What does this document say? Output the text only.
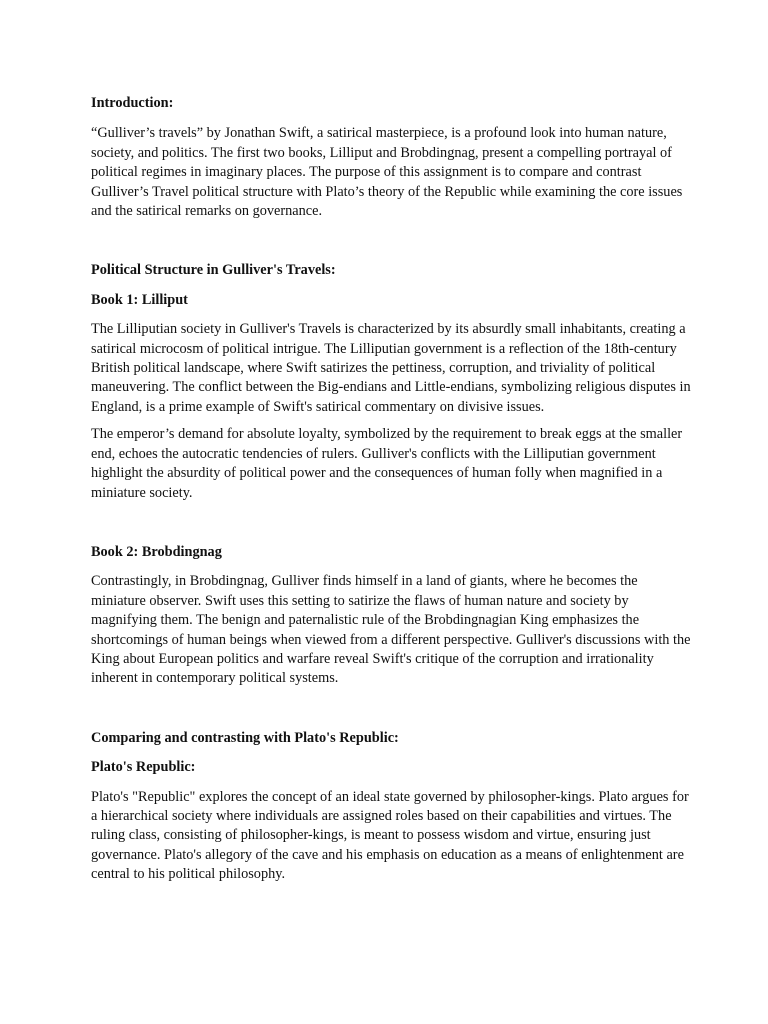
Introduction:

“Gulliver’s travels” by Jonathan Swift, a satirical masterpiece, is a profound look into human nature, society, and politics. The first two books, Lilliput and Brobdingnag, present a compelling portrayal of political regimes in imaginary places. The purpose of this assignment is to compare and contrast Gulliver’s Travel political structure with Plato’s theory of the Republic while examining the core issues and the satirical remarks on governance.

Political Structure in Gulliver's Travels:
Book 1: Lilliput

The Lilliputian society in Gulliver's Travels is characterized by its absurdly small inhabitants, creating a satirical microcosm of political intrigue. The Lilliputian government is a reflection of the 18th-century British political landscape, where Swift satirizes the pettiness, corruption, and triviality of political maneuvering. The conflict between the Big-endians and Little-endians, symbolizing religious disputes in England, is a prime example of Swift's satirical commentary on divisive issues.

The emperor’s demand for absolute loyalty, symbolized by the requirement to break eggs at the smaller end, echoes the autocratic tendencies of rulers. Gulliver's conflicts with the Lilliputian government highlight the absurdity of political power and the consequences of human folly when magnified in a miniature society.

Book 2: Brobdingnag

Contrastingly, in Brobdingnag, Gulliver finds himself in a land of giants, where he becomes the miniature observer. Swift uses this setting to satirize the flaws of human nature and society by magnifying them. The benign and paternalistic rule of the Brobdingnagian King emphasizes the shortcomings of human beings when viewed from a different perspective. Gulliver's discussions with the King about European politics and warfare reveal Swift's critique of the corruption and irrationality inherent in contemporary political systems.

Comparing and contrasting with Plato's Republic:
Plato's Republic:

Plato's "Republic" explores the concept of an ideal state governed by philosopher-kings. Plato argues for a hierarchical society where individuals are assigned roles based on their capabilities and virtues. The ruling class, consisting of philosopher-kings, is meant to possess wisdom and virtue, ensuring just governance. Plato's allegory of the cave and his emphasis on education as a means of enlightenment are central to his political philosophy.
